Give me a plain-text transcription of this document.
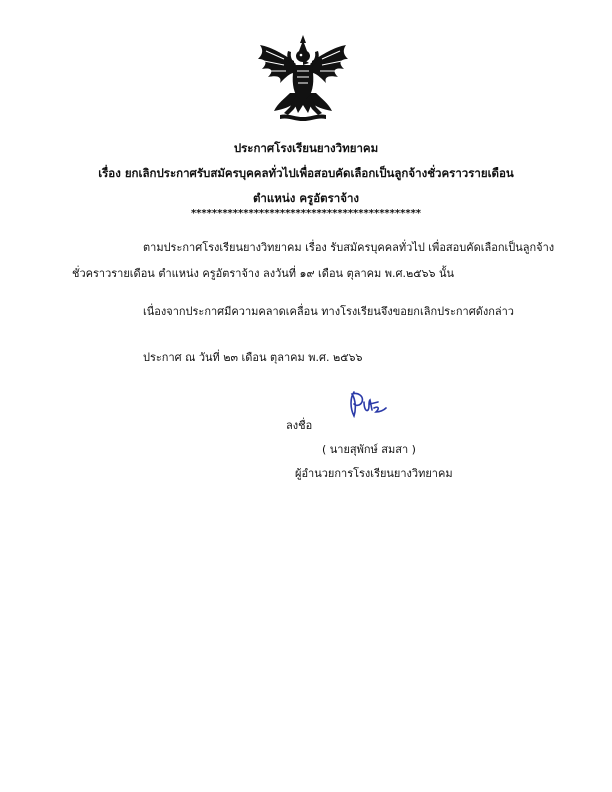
ประกาศโรงเรียนยางวิทยาคม
เรื่อง ยกเลิกประกาศรับสมัครบุคคลทั่วไปเพื่อสอบคัดเลือกเป็นลูกจ้างชั่วคราวรายเดือน
ตำแหน่ง ครูอัตราจ้าง
********************************************
ตามประกาศโรงเรียนยางวิทยาคม เรื่อง รับสมัครบุคคลทั่วไป เพื่อสอบคัดเลือกเป็นลูกจ้าง
ชั่วคราวรายเดือน ตำแหน่ง ครูอัตราจ้าง ลงวันที่ ๑๙ เดือน ตุลาคม พ.ศ.๒๕๖๖ นั้น
เนื่องจากประกาศมีความคลาดเคลื่อน ทางโรงเรียนจึงขอยกเลิกประกาศดังกล่าว
ประกาศ ณ วันที่ ๒๓ เดือน ตุลาคม พ.ศ. ๒๕๖๖
ลงชื่อ
( นายสุพักษ์ สมสา )
ผู้อำนวยการโรงเรียนยางวิทยาคม
